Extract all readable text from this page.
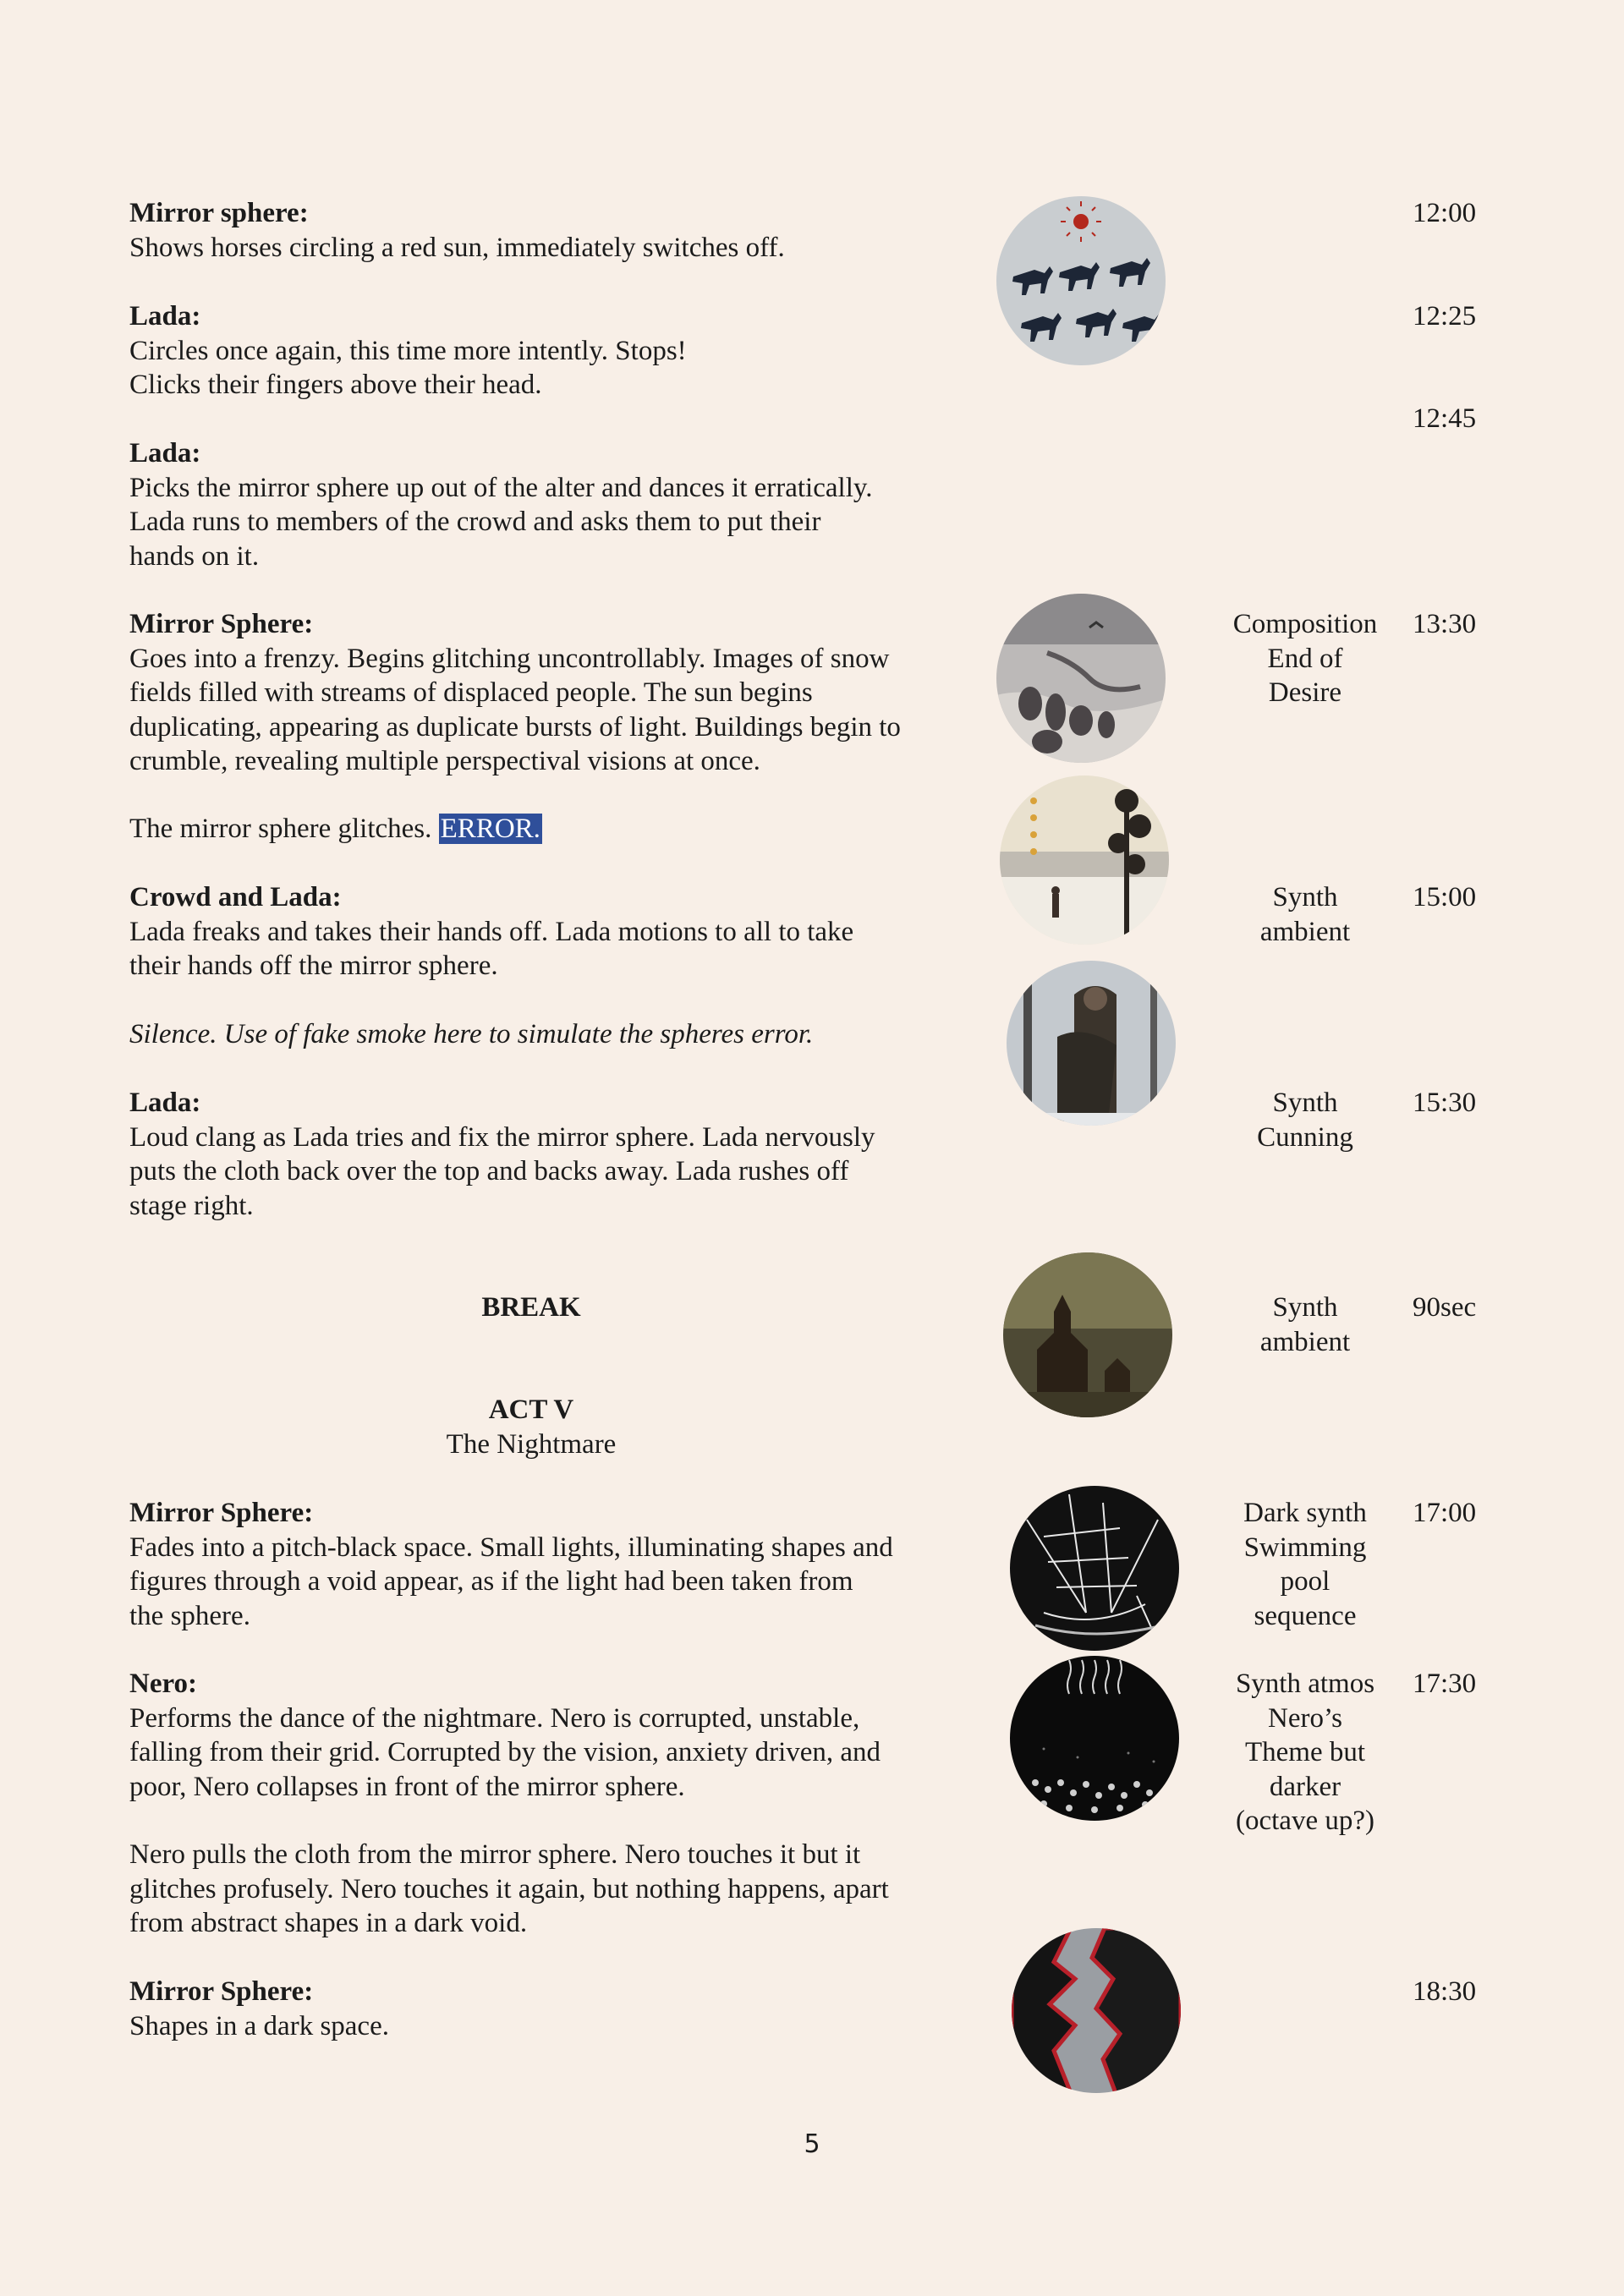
Mirror sphere:
Shows horses circling a red sun, immediately switches off.
Lada:
Circles once again, this time more intently. Stops!
Clicks their fingers above their head.
Lada:
Picks the mirror sphere up out of the alter and dances it erratically.
Lada runs to members of the crowd and asks them to put their
hands on it.
Mirror Sphere:
Goes into a frenzy. Begins glitching uncontrollably. Images of snow
fields filled with streams of displaced people. The sun begins
duplicating, appearing as duplicate bursts of light. Buildings begin to
crumble, revealing multiple perspectival visions at once.
The mirror sphere glitches. ERROR.
Crowd and Lada:
Lada freaks and takes their hands off. Lada motions to all to take
their hands off the mirror sphere.
Silence. Use of fake smoke here to simulate the spheres error.
Lada:
Loud clang as Lada tries and fix the mirror sphere. Lada nervously
puts the cloth back over the top and backs away. Lada rushes off
stage right.
BREAK
ACT V
The Nightmare
Mirror Sphere:
Fades into a pitch-black space. Small lights, illuminating shapes and
figures through a void appear, as if the light had been taken from
the sphere.
Nero:
Performs the dance of the nightmare. Nero is corrupted, unstable,
falling from their grid. Corrupted by the vision, anxiety driven, and
poor, Nero collapses in front of the mirror sphere.
Nero pulls the cloth from the mirror sphere. Nero touches it but it
glitches profusely. Nero touches it again, but nothing happens, apart
from abstract shapes in a dark void.
Mirror Sphere:
Shapes in a dark space.
Composition
End of
Desire
Synth
ambient
Synth
Cunning
Synth
ambient
Dark synth
Swimming
pool
sequence
Synth atmos
Nero’s
Theme but
darker
(octave up?)
12:00
12:25
12:45
13:30
15:00
15:30
90sec
17:00
17:30
18:30
5
